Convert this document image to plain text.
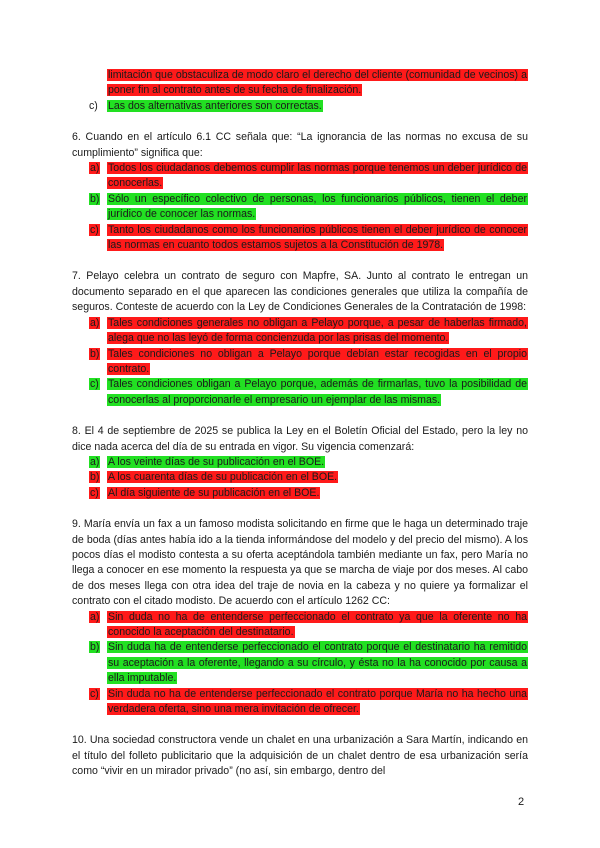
limitación que obstaculiza de modo claro el derecho del cliente (comunidad de vecinos) a poner fin al contrato antes de su fecha de finalización.
c) Las dos alternativas anteriores son correctas.

6. Cuando en el artículo 6.1 CC señala que: “La ignorancia de las normas no excusa de su cumplimiento” significa que:

a) Todos los ciudadanos debemos cumplir las normas porque tenemos un deber jurídico de conocerlas.
b) Sólo un específico colectivo de personas, los funcionarios públicos, tienen el deber jurídico de conocer las normas.
c) Tanto los ciudadanos como los funcionarios públicos tienen el deber jurídico de conocer las normas en cuanto todos estamos sujetos a la Constitución de 1978.

7. Pelayo celebra un contrato de seguro con Mapfre, SA. Junto al contrato le entregan un documento separado en el que aparecen las condiciones generales que utiliza la compañía de seguros. Conteste de acuerdo con la Ley de Condiciones Generales de la Contratación de 1998:

a) Tales condiciones generales no obligan a Pelayo porque, a pesar de haberlas firmado, alega que no las leyó de forma concienzuda por las prisas del momento.
b) Tales condiciones no obligan a Pelayo porque debían estar recogidas en el propio contrato.
c) Tales condiciones obligan a Pelayo porque, además de firmarlas, tuvo la posibilidad de conocerlas al proporcionarle el empresario un ejemplar de las mismas.

8. El 4 de septiembre de 2025 se publica la Ley en el Boletín Oficial del Estado, pero la ley no dice nada acerca del día de su entrada en vigor. Su vigencia comenzará:

a) A los veinte días de su publicación en el BOE.
b) A los cuarenta días de su publicación en el BOE.
c) Al día siguiente de su publicación en el BOE.

9. María envía un fax a un famoso modista solicitando en firme que le haga un determinado traje de boda (días antes había ido a la tienda informándose del modelo y del precio del mismo). A los pocos días el modisto contesta a su oferta aceptándola también mediante un fax, pero María no llega a conocer en ese momento la respuesta ya que se marcha de viaje por dos meses. Al cabo de dos meses llega con otra idea del traje de novia en la cabeza y no quiere ya formalizar el contrato con el citado modisto. De acuerdo con el artículo 1262 CC:

a) Sin duda no ha de entenderse perfeccionado el contrato ya que la oferente no ha conocido la aceptación del destinatario.
b) Sin duda ha de entenderse perfeccionado el contrato porque el destinatario ha remitido su aceptación a la oferente, llegando a su círculo, y ésta no la ha conocido por causa a ella imputable.
c) Sin duda no ha de entenderse perfeccionado el contrato porque María no ha hecho una verdadera oferta, sino una mera invitación de ofrecer.

10. Una sociedad constructora vende un chalet en una urbanización a Sara Martín, indicando en el título del folleto publicitario que la adquisición de un chalet dentro de esa urbanización sería como “vivir en un mirador privado” (no así, sin embargo, dentro del

2
